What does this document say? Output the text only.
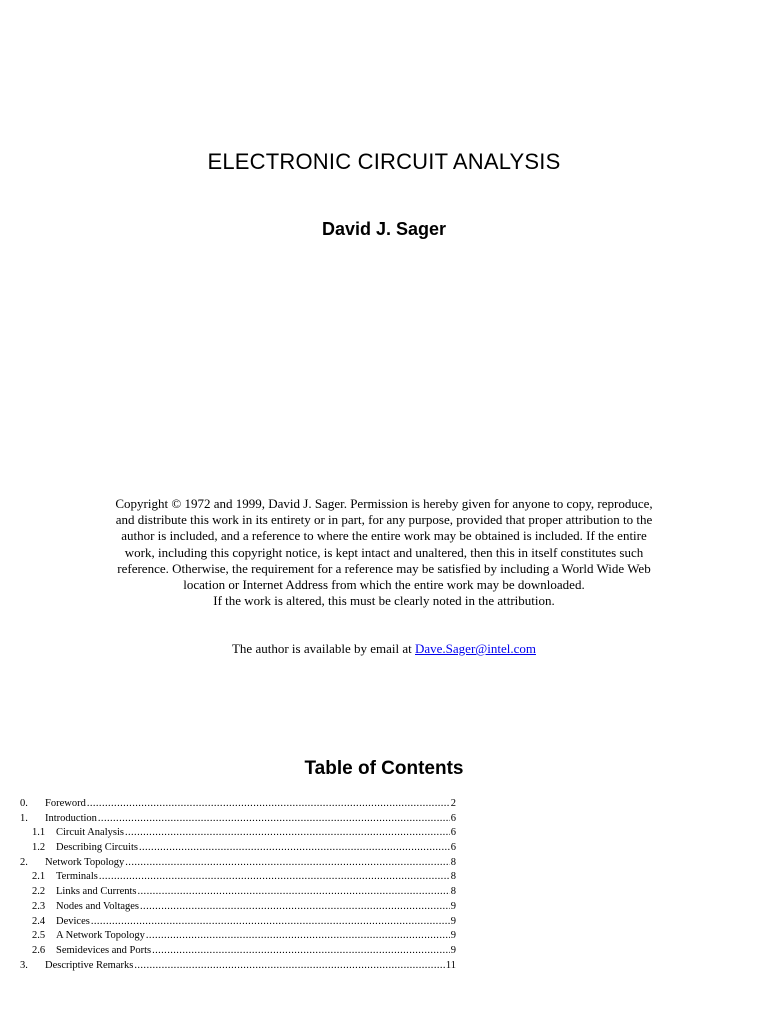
ELECTRONIC CIRCUIT ANALYSIS
David J. Sager

Copyright © 1972 and 1999, David J. Sager. Permission is hereby given for anyone to copy, reproduce, and distribute this work in its entirety or in part, for any purpose, provided that proper attribution to the author is included, and a reference to where the entire work may be obtained is included. If the entire work, including this copyright notice, is kept intact and unaltered, then this in itself constitutes such reference. Otherwise, the requirement for a reference may be satisfied by including a World Wide Web location or Internet Address from which the entire work may be downloaded.

If the work is altered, this must be clearly noted in the attribution.

The author is available by email at Dave.Sager@intel.com
Table of Contents
0.	Foreword .....	2
1.	Introduction .....	6
1.1	Circuit Analysis .....	6
1.2	Describing Circuits .....	6
2.	Network Topology .....	8
2.1	Terminals .....	8
2.2	Links and Currents .....	8
2.3	Nodes and Voltages .....	9
2.4	Devices .....	9
2.5	A Network Topology .....	9
2.6	Semidevices and Ports .....	9
3.	Descriptive Remarks .....	11
